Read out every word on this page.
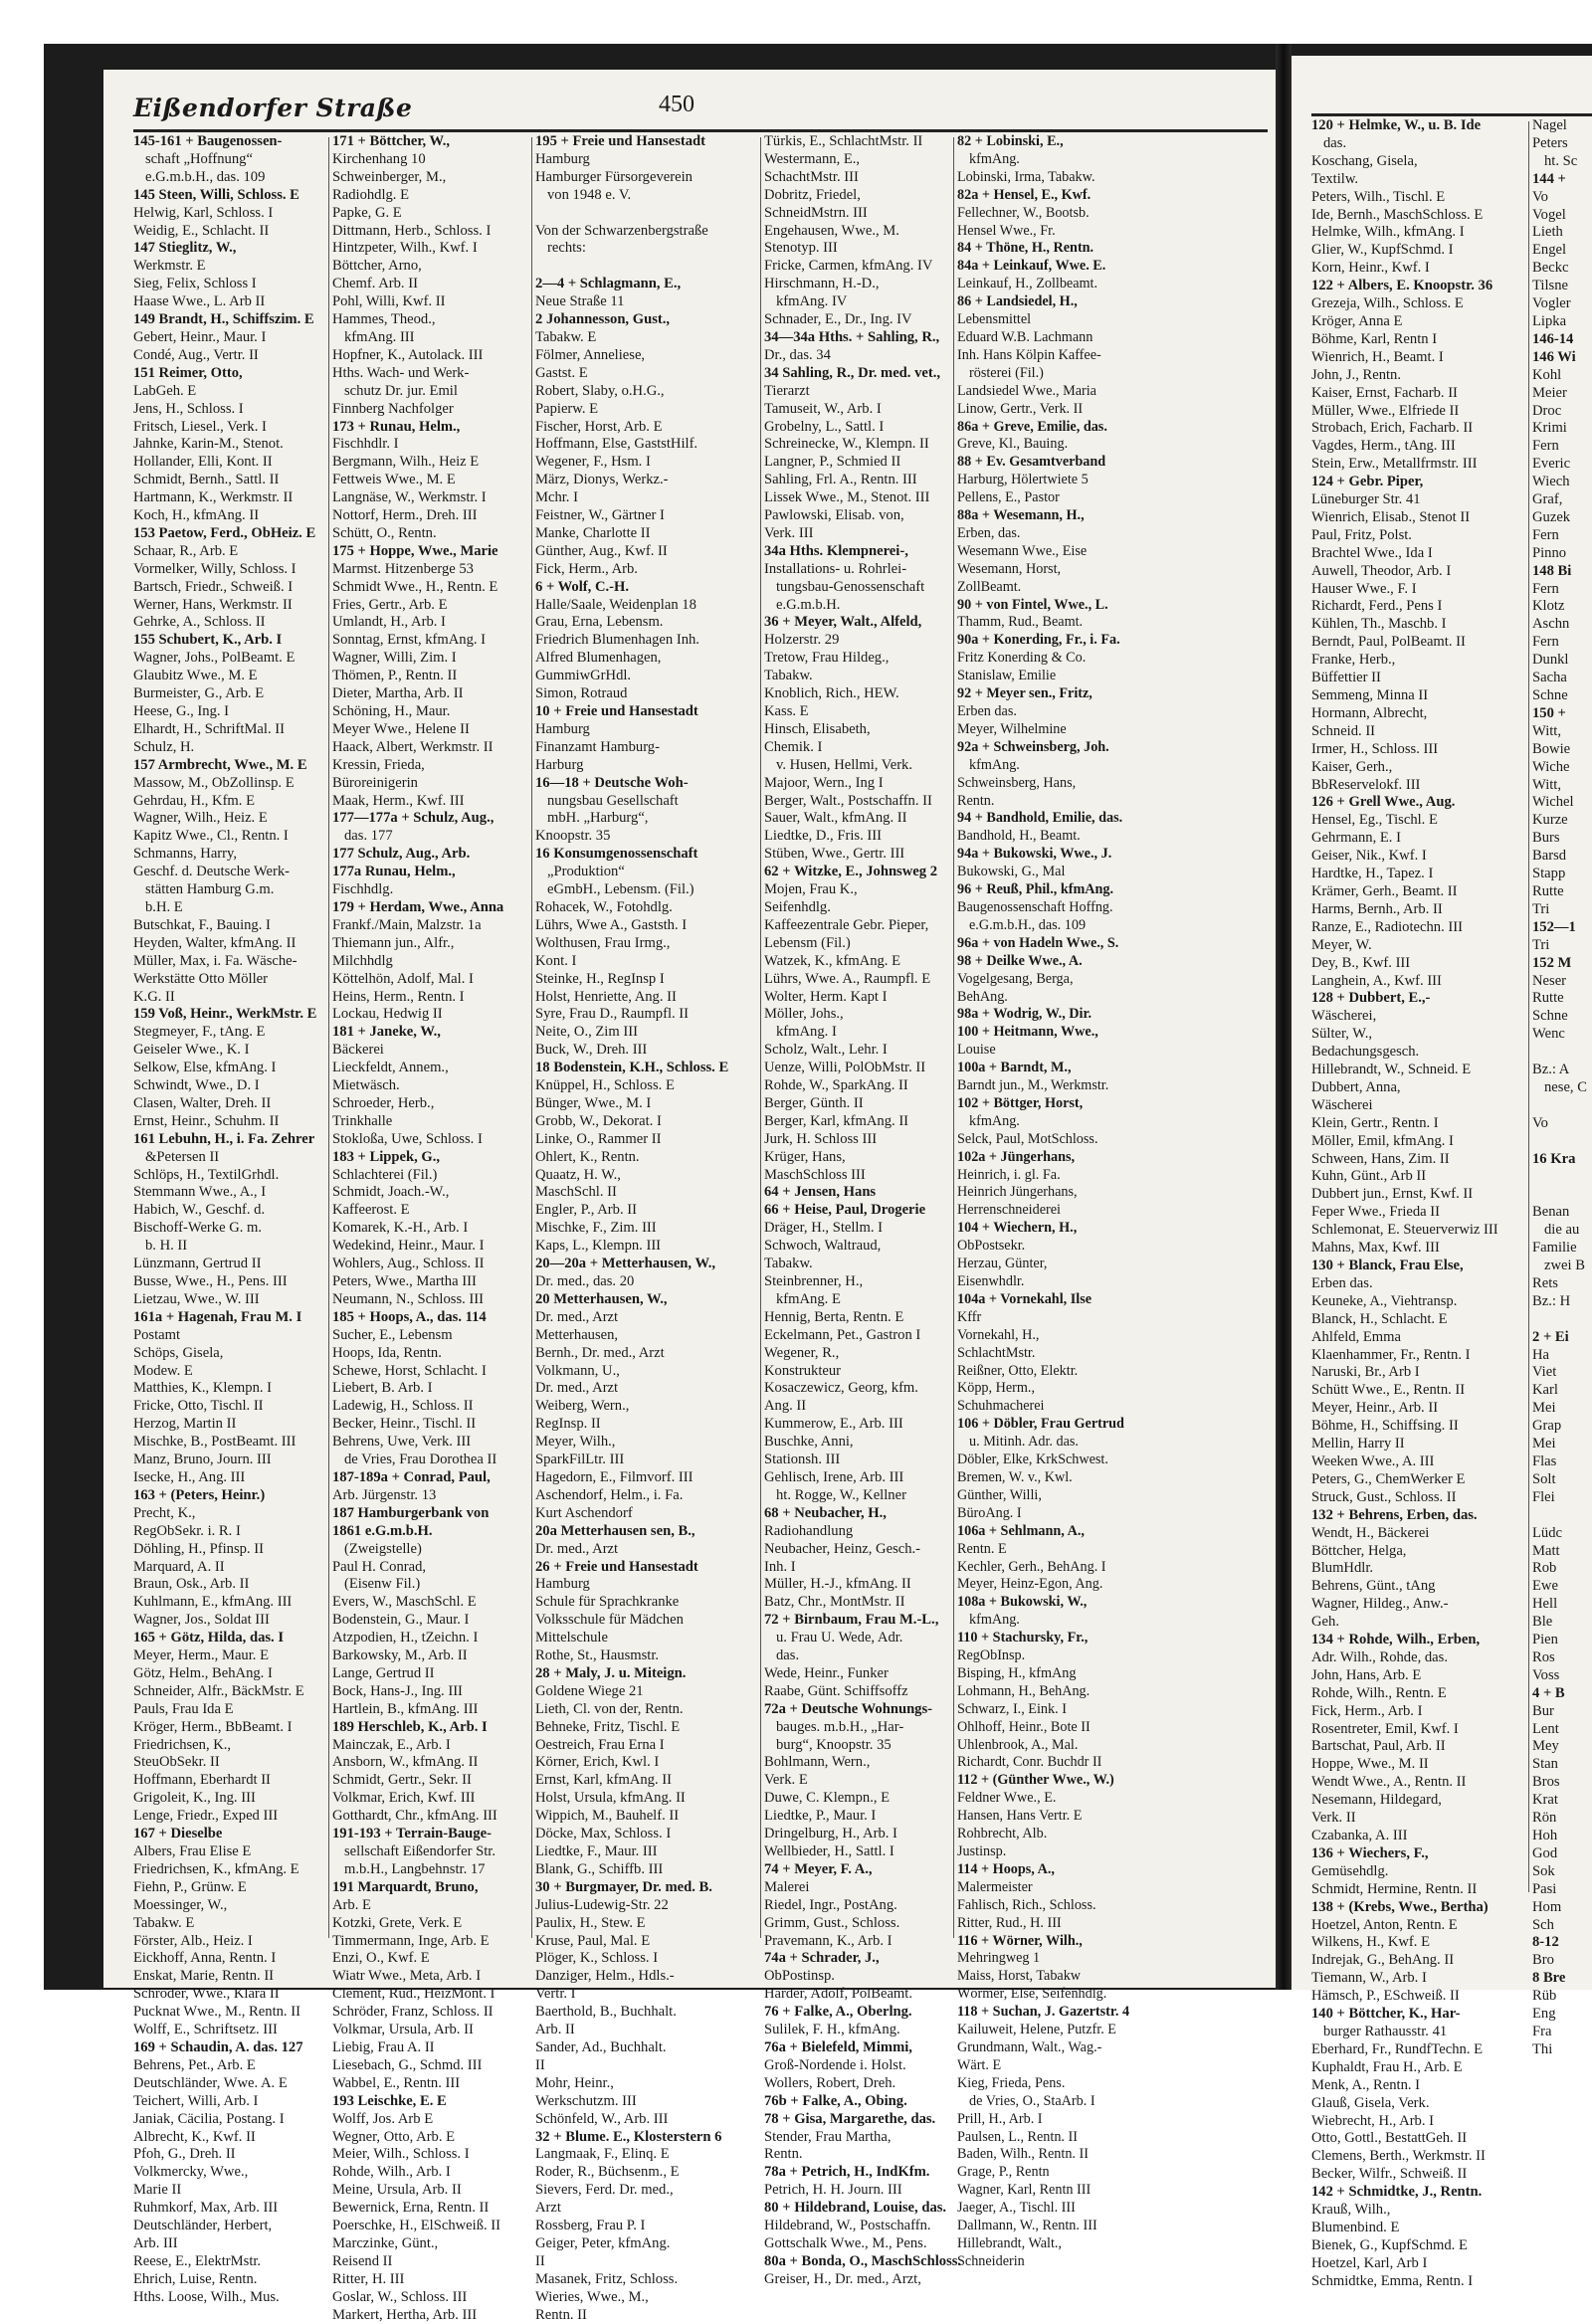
Eißendorfer Straße	450
145-161 + Baugenossen-
schaft „Hoffnung“
e.G.m.b.H., das. 109
145 Steen, Willi, Schloss. E
Helwig, Karl, Schloss. I
Weidig, E., Schlacht. II
147 Stieglitz, W.,
Werkmstr. E
Sieg, Felix, Schloss I
Haase Wwe., L. Arb II
149 Brandt, H., Schiffszim. E
Gebert, Heinr., Maur. I
Condé, Aug., Vertr. II
151 Reimer, Otto,
LabGeh. E
Jens, H., Schloss. I
Fritsch, Liesel., Verk. I
Jahnke, Karin-M., Stenot.
Hollander, Elli, Kont. II
Schmidt, Bernh., Sattl. II
Hartmann, K., Werkmstr. II
Koch, H., kfmAng. II
153 Paetow, Ferd., ObHeiz. E
Schaar, R., Arb. E
Vormelker, Willy, Schloss. I
Bartsch, Friedr., Schweiß. I
Werner, Hans, Werkmstr. II
Gehrke, A., Schloss. II
155 Schubert, K., Arb. I
Wagner, Johs., PolBeamt. E
Glaubitz Wwe., M. E
Burmeister, G., Arb. E
Heese, G., Ing. I
Elhardt, H., SchriftMal. II
Schulz, H.
157 Armbrecht, Wwe., M. E
Massow, M., ObZollinsp. E
Gehrdau, H., Kfm. E
Wagner, Wilh., Heiz. E
Kapitz Wwe., Cl., Rentn. I
Schmanns, Harry,
Geschf. d. Deutsche Werk-
stätten Hamburg G.m.
b.H. E
Butschkat, F., Bauing. I
Heyden, Walter, kfmAng. II
Müller, Max, i. Fa. Wäsche-
Werkstätte Otto Möller
K.G. II
159 Voß, Heinr., WerkMstr. E
Stegmeyer, F., tAng. E
Geiseler Wwe., K. I
Selkow, Else, kfmAng. I
Schwindt, Wwe., D. I
Clasen, Walter, Dreh. II
Ernst, Heinr., Schuhm. II
161 Lebuhn, H., i. Fa. Zehrer
&Petersen II
Schlöps, H., TextilGrhdl.
Stemmann Wwe., A., I
Habich, W., Geschf. d.
Bischoff-Werke G. m.
b. H. II
Lünzmann, Gertrud II
Busse, Wwe., H., Pens. III
Lietzau, Wwe., W. III
161a + Hagenah, Frau M. I
Postamt
Schöps, Gisela,
Modew. E
Matthies, K., Klempn. I
Fricke, Otto, Tischl. II
Herzog, Martin II
Mischke, B., PostBeamt. III
Manz, Bruno, Journ. III
Isecke, H., Ang. III
163 + (Peters, Heinr.)
Precht, K.,
RegObSekr. i. R. I
Döhling, H., Pfinsp. II
Marquard, A. II
Braun, Osk., Arb. II
Kuhlmann, E., kfmAng. III
Wagner, Jos., Soldat III
165 + Götz, Hilda, das. I
Meyer, Herm., Maur. E
Götz, Helm., BehAng. I
Schneider, Alfr., BäckMstr. E
Pauls, Frau Ida E
Kröger, Herm., BbBeamt. I
Friedrichsen, K.,
SteuObSekr. II
Hoffmann, Eberhardt II
Grigoleit, K., Ing. III
Lenge, Friedr., Exped III
167 + Dieselbe
Albers, Frau Elise E
Friedrichsen, K., kfmAng. E
Fiehn, P., Grünw. E
Moessinger, W.,
Tabakw. E
Förster, Alb., Heiz. I
Eickhoff, Anna, Rentn. I
Enskat, Marie, Rentn. II
Schröder, Wwe., Klara II
Pucknat Wwe., M., Rentn. II
Wolff, E., Schriftsetz. III
169 + Schaudin, A. das. 127
Behrens, Pet., Arb. E
Deutschländer, Wwe. A. E
Teichert, Willi, Arb. I
Janiak, Cäcilia, Postang. I
Albrecht, K., Kwf. II
Pfoh, G., Dreh. II
Volkmercky, Wwe.,
Marie II
Ruhmkorf, Max, Arb. III
Deutschländer, Herbert,
Arb. III
Reese, E., ElektrMstr.
Ehrich, Luise, Rentn.
Hths. Loose, Wilh., Mus.
171 + Böttcher, W.,
Kirchenhang 10
Schweinberger, M.,
Radiohdlg. E
Papke, G. E
Dittmann, Herb., Schloss. I
Hintzpeter, Wilh., Kwf. I
Böttcher, Arno,
Chemf. Arb. II
Pohl, Willi, Kwf. II
Hammes, Theod.,
kfmAng. III
Hopfner, K., Autolack. III
Hths. Wach- und Werk-
schutz Dr. jur. Emil
Finnberg Nachfolger
173 + Runau, Helm.,
Fischhdlr. I
Bergmann, Wilh., Heiz E
Fettweis Wwe., M. E
Langnäse, W., Werkmstr. I
Nottorf, Herm., Dreh. III
Schütt, O., Rentn.
175 + Hoppe, Wwe., Marie
Marmst. Hitzenberge 53
Schmidt Wwe., H., Rentn. E
Fries, Gertr., Arb. E
Umlandt, H., Arb. I
Sonntag, Ernst, kfmAng. I
Wagner, Willi, Zim. I
Thömen, P., Rentn. II
Dieter, Martha, Arb. II
Schöning, H., Maur.
Meyer Wwe., Helene II
Haack, Albert, Werkmstr. II
Kressin, Frieda,
Büroreinigerin
Maak, Herm., Kwf. III
177—177a + Schulz, Aug.,
das. 177
177 Schulz, Aug., Arb.
177a Runau, Helm.,
Fischhdlg.
179 + Herdam, Wwe., Anna
Frankf./Main, Malzstr. 1a
Thiemann jun., Alfr.,
Milchhdlg
Köttelhön, Adolf, Mal. I
Heins, Herm., Rentn. I
Lockau, Hedwig II
181 + Janeke, W.,
Bäckerei
Lieckfeldt, Annem.,
Mietwäsch.
Schroeder, Herb.,
Trinkhalle
Stokloßa, Uwe, Schloss. I
183 + Lippek, G.,
Schlachterei (Fil.)
Schmidt, Joach.-W.,
Kaffeerost. E
Komarek, K.-H., Arb. I
Wedekind, Heinr., Maur. I
Wohlers, Aug., Schloss. II
Peters, Wwe., Martha III
Neumann, N., Schloss. III
185 + Hoops, A., das. 114
Sucher, E., Lebensm
Hoops, Ida, Rentn.
Schewe, Horst, Schlacht. I
Liebert, B. Arb. I
Ladewig, H., Schloss. II
Becker, Heinr., Tischl. II
Behrens, Uwe, Verk. III
de Vries, Frau Dorothea II
187-189a + Conrad, Paul,
Arb. Jürgenstr. 13
187 Hamburgerbank von
1861 e.G.m.b.H.
(Zweigstelle)
Paul H. Conrad,
(Eisenw Fil.)
Evers, W., MaschSchl. E
Bodenstein, G., Maur. I
Atzpodien, H., tZeichn. I
Barkowsky, M., Arb. II
Lange, Gertrud II
Bock, Hans-J., Ing. III
Hartlein, B., kfmAng. III
189 Herschleb, K., Arb. I
Mainczak, E., Arb. I
Ansborn, W., kfmAng. II
Schmidt, Gertr., Sekr. II
Volkmar, Erich, Kwf. III
Gotthardt, Chr., kfmAng. III
191-193 + Terrain-Bauge-
sellschaft Eißendorfer Str.
m.b.H., Langbehnstr. 17
191 Marquardt, Bruno,
Arb. E
Kotzki, Grete, Verk. E
Timmermann, Inge, Arb. E
Enzi, O., Kwf. E
Wiatr Wwe., Meta, Arb. I
Clement, Rud., HeizMont. I
Schröder, Franz, Schloss. II
Volkmar, Ursula, Arb. II
Liebig, Frau A. II
Liesebach, G., Schmd. III
Wabbel, E., Rentn. III
193 Leischke, E. E
Wolff, Jos. Arb E
Wegner, Otto, Arb. E
Meier, Wilh., Schloss. I
Rohde, Wilh., Arb. I
Meine, Ursula, Arb. II
Bewernick, Erna, Rentn. II
Poerschke, H., ElSchweiß. II
Marczinke, Günt.,
Reisend II
Ritter, H. III
Goslar, W., Schloss. III
Markert, Hertha, Arb. III
195 + Freie und Hansestadt
Hamburg
Hamburger Fürsorgeverein
von 1948 e. V.

Von der Schwarzenbergstraße
rechts:

2—4 + Schlagmann, E.,
Neue Straße 11
2 Johannesson, Gust.,
Tabakw. E
Fölmer, Anneliese,
Gastst. E
Robert, Slaby, o.H.G.,
Papierw. E
Fischer, Horst, Arb. E
Hoffmann, Else, GaststHilf.
Wegener, F., Hsm. I
März, Dionys, Werkz.-
Mchr. I
Feistner, W., Gärtner I
Manke, Charlotte II
Günther, Aug., Kwf. II
Fick, Herm., Arb.
6 + Wolf, C.-H.
Halle/Saale, Weidenplan 18
Grau, Erna, Lebensm.
Friedrich Blumenhagen Inh.
Alfred Blumenhagen,
GummiwGrHdl.
Simon, Rotraud
10 + Freie und Hansestadt
Hamburg
Finanzamt Hamburg-
Harburg
16—18 + Deutsche Woh-
nungsbau Gesellschaft
mbH. „Harburg“,
Knoopstr. 35
16 Konsumgenossenschaft
„Produktion“
eGmbH., Lebensm. (Fil.)
Rohacek, W., Fotohdlg.
Lührs, Wwe A., Gaststh. I
Wolthusen, Frau Irmg.,
Kont. I
Steinke, H., RegInsp I
Holst, Henriette, Ang. II
Syre, Frau D., Raumpfl. II
Neite, O., Zim III
Buck, W., Dreh. III
18 Bodenstein, K.H., Schloss. E
Knüppel, H., Schloss. E
Bünger, Wwe., M. I
Grobb, W., Dekorat. I
Linke, O., Rammer II
Ohlert, K., Rentn.
Quaatz, H. W.,
MaschSchl. II
Engler, P., Arb. II
Mischke, F., Zim. III
Kaps, L., Klempn. III
20—20a + Metterhausen, W.,
Dr. med., das. 20
20 Metterhausen, W.,
Dr. med., Arzt
Metterhausen,
Bernh., Dr. med., Arzt
Volkmann, U.,
Dr. med., Arzt
Weiberg, Wern.,
RegInsp. II
Meyer, Wilh.,
SparkFilLtr. III
Hagedorn, E., Filmvorf. III
Aschendorf, Helm., i. Fa.
Kurt Aschendorf
20a Metterhausen sen, B.,
Dr. med., Arzt
26 + Freie und Hansestadt
Hamburg
Schule für Sprachkranke
Volksschule für Mädchen
Mittelschule
Rothe, St., Hausmstr.
28 + Maly, J. u. Miteign.
Goldene Wiege 21
Lieth, Cl. von der, Rentn.
Behneke, Fritz, Tischl. E
Oestreich, Frau Erna I
Körner, Erich, Kwl. I
Ernst, Karl, kfmAng. II
Holst, Ursula, kfmAng. II
Wippich, M., Bauhelf. II
Döcke, Max, Schloss. I
Liedtke, F., Maur. III
Blank, G., Schiffb. III
30 + Burgmayer, Dr. med. B.
Julius-Ludewig-Str. 22
Paulix, H., Stew. E
Kruse, Paul, Mal. E
Plöger, K., Schloss. I
Danziger, Helm., Hdls.-
Vertr. I
Baerthold, B., Buchhalt.
Arb. II
Sander, Ad., Buchhalt.
II
Mohr, Heinr.,
Werkschutzm. III
Schönfeld, W., Arb. III
32 + Blume. E., Klosterstern 6
Langmaak, F., Elinq. E
Roder, R., Büchsenm., E
Sievers, Ferd. Dr. med.,
Arzt
Rossberg, Frau P. I
Geiger, Peter, kfmAng.
II
Masanek, Fritz, Schloss.
Wieries, Wwe., M.,
Rentn. II
Türkis, E., SchlachtMstr. II
Westermann, E.,
SchachtMstr. III
Dobritz, Friedel,
SchneidMstrn. III
Engehausen, Wwe., M.
Stenotyp. III
Fricke, Carmen, kfmAng. IV
Hirschmann, H.-D.,
kfmAng. IV
Schnader, E., Dr., Ing. IV
34—34a Hths. + Sahling, R.,
Dr., das. 34
34 Sahling, R., Dr. med. vet.,
Tierarzt
Tamuseit, W., Arb. I
Grobelny, L., Sattl. I
Schreinecke, W., Klempn. II
Langner, P., Schmied II
Sahling, Frl. A., Rentn. III
Lissek Wwe., M., Stenot. III
Pawlowski, Elisab. von,
Verk. III
34a Hths. Klempnerei-,
Installations- u. Rohrlei-
tungsbau-Genossenschaft
e.G.m.b.H.
36 + Meyer, Walt., Alfeld,
Holzerstr. 29
Tretow, Frau Hildeg.,
Tabakw.
Knoblich, Rich., HEW.
Kass. E
Hinsch, Elisabeth,
Chemik. I
v. Husen, Hellmi, Verk.
Majoor, Wern., Ing I
Berger, Walt., Postschaffn. II
Sauer, Walt., kfmAng. II
Liedtke, D., Fris. III
Stüben, Wwe., Gertr. III
62 + Witzke, E., Johnsweg 2
Mojen, Frau K.,
Seifenhdlg.
Kaffeezentrale Gebr. Pieper,
Lebensm (Fil.)
Watzek, K., kfmAng. E
Lührs, Wwe. A., Raumpfl. E
Wolter, Herm. Kapt I
Möller, Johs.,
kfmAng. I
Scholz, Walt., Lehr. I
Uenze, Willi, PolObMstr. II
Rohde, W., SparkAng. II
Berger, Günth. II
Berger, Karl, kfmAng. II
Jurk, H. Schloss III
Krüger, Hans,
MaschSchloss III
64 + Jensen, Hans
66 + Heise, Paul, Drogerie
Dräger, H., Stellm. I
Schwoch, Waltraud,
Tabakw.
Steinbrenner, H.,
kfmAng. E
Hennig, Berta, Rentn. E
Eckelmann, Pet., Gastron I
Wegener, R.,
Konstrukteur
Kosaczewicz, Georg, kfm.
Ang. II
Kummerow, E., Arb. III
Buschke, Anni,
Stationsh. III
Gehlisch, Irene, Arb. III
ht. Rogge, W., Kellner
68 + Neubacher, H.,
Radiohandlung
Neubacher, Heinz, Gesch.-
Inh. I
Müller, H.-J., kfmAng. II
Batz, Chr., MontMstr. II
72 + Birnbaum, Frau M.-L.,
u. Frau U. Wede, Adr.
das.
Wede, Heinr., Funker
Raabe, Günt. Schiffsoffz
72a + Deutsche Wohnungs-
bauges. m.b.H., „Har-
burg“, Knoopstr. 35
Bohlmann, Wern.,
Verk. E
Duwe, C. Klempn., E
Liedtke, P., Maur. I
Dringelburg, H., Arb. I
Wellbieder, H., Sattl. I
74 + Meyer, F. A.,
Malerei
Riedel, Ingr., PostAng.
Grimm, Gust., Schloss.
Pravemann, K., Arb. I
74a + Schrader, J.,
ObPostinsp.
Harder, Adolf, PolBeamt.
76 + Falke, A., Oberlng.
Sulilek, F. H., kfmAng.
76a + Bielefeld, Mimmi,
Groß-Nordende i. Holst.
Wollers, Robert, Dreh.
76b + Falke, A., Obing.
78 + Gisa, Margarethe, das.
Stender, Frau Martha,
Rentn.
78a + Petrich, H., IndKfm.
Petrich, H. H. Journ. III
80 + Hildebrand, Louise, das.
Hildebrand, W., Postschaffn.
Gottschalk Wwe., M., Pens.
80a + Bonda, O., MaschSchloss.
Greiser, H., Dr. med., Arzt,
82 + Lobinski, E.,
kfmAng.
Lobinski, Irma, Tabakw.
82a + Hensel, E., Kwf.
Fellechner, W., Bootsb.
Hensel Wwe., Fr.
84 + Thöne, H., Rentn.
84a + Leinkauf, Wwe. E.
Leinkauf, H., Zollbeamt.
86 + Landsiedel, H.,
Lebensmittel
Eduard W.B. Lachmann
Inh. Hans Kölpin Kaffee-
rösterei (Fil.)
Landsiedel Wwe., Maria
Linow, Gertr., Verk. II
86a + Greve, Emilie, das.
Greve, Kl., Bauing.
88 + Ev. Gesamtverband
Harburg, Hölertwiete 5
Pellens, E., Pastor
88a + Wesemann, H.,
Erben, das.
Wesemann Wwe., Eise
Wesemann, Horst,
ZollBeamt.
90 + von Fintel, Wwe., L.
Thamm, Rud., Beamt.
90a + Konerding, Fr., i. Fa.
Fritz Konerding & Co.
Stanislaw, Emilie
92 + Meyer sen., Fritz,
Erben das.
Meyer, Wilhelmine
92a + Schweinsberg, Joh.
kfmAng.
Schweinsberg, Hans,
Rentn.
94 + Bandhold, Emilie, das.
Bandhold, H., Beamt.
94a + Bukowski, Wwe., J.
Bukowski, G., Mal
96 + Reuß, Phil., kfmAng.
Baugenossenschaft Hoffng.
e.G.m.b.H., das. 109
96a + von Hadeln Wwe., S.
98 + Deilke Wwe., A.
Vogelgesang, Berga,
BehAng.
98a + Wodrig, W., Dir.
100 + Heitmann, Wwe.,
Louise
100a + Barndt, M.,
Barndt jun., M., Werkmstr.
102 + Böttger, Horst,
kfmAng.
Selck, Paul, MotSchloss.
102a + Jüngerhans,
Heinrich, i. gl. Fa.
Heinrich Jüngerhans,
Herrenschneiderei
104 + Wiechern, H.,
ObPostsekr.
Herzau, Günter,
Eisenwhdlr.
104a + Vornekahl, Ilse
Kffr
Vornekahl, H.,
SchlachtMstr.
Reißner, Otto, Elektr.
Köpp, Herm.,
Schuhmacherei
106 + Döbler, Frau Gertrud
u. Mitinh. Adr. das.
Döbler, Elke, KrkSchwest.
Bremen, W. v., Kwl.
Günther, Willi,
BüroAng. I
106a + Sehlmann, A.,
Rentn. E
Kechler, Gerh., BehAng. I
Meyer, Heinz-Egon, Ang.
108a + Bukowski, W.,
kfmAng.
110 + Stachursky, Fr.,
RegObInsp.
Bisping, H., kfmAng
Lohmann, H., BehAng.
Schwarz, I., Eink. I
Ohlhoff, Heinr., Bote II
Uhlenbrook, A., Mal.
Richardt, Conr. Buchdr II
112 + (Günther Wwe., W.)
Feldner Wwe., E.
Hansen, Hans Vertr. E
Rohbrecht, Alb.
Justinsp.
114 + Hoops, A.,
Malermeister
Fahlisch, Rich., Schloss.
Ritter, Rud., H. III
116 + Wörner, Wilh.,
Mehringweg 1
Maiss, Horst, Tabakw
Wörmer, Else, Seifenhdlg.
118 + Suchan, J. Gazertstr. 4
Kailuweit, Helene, Putzfr. E
Grundmann, Walt., Wag.-
Wärt. E
Kieg, Frieda, Pens.
de Vries, O., StaArb. I
Prill, H., Arb. I
Paulsen, L., Rentn. II
Baden, Wilh., Rentn. II
Grage, P., Rentn
Wagner, Karl, Rentn III
Jaeger, A., Tischl. III
Dallmann, W., Rentn. III
Hillebrandt, Walt.,
Schneiderin
120 + Helmke, W., u. B. Ide
das.
Koschang, Gisela,
Textilw.
Peters, Wilh., Tischl. E
Ide, Bernh., MaschSchloss. E
Helmke, Wilh., kfmAng. I
Glier, W., KupfSchmd. I
Korn, Heinr., Kwf. I
122 + Albers, E. Knoopstr. 36
Grezeja, Wilh., Schloss. E
Kröger, Anna E
Böhme, Karl, Rentn I
Wienrich, H., Beamt. I
John, J., Rentn.
Kaiser, Ernst, Facharb. II
Müller, Wwe., Elfriede II
Strobach, Erich, Facharb. II
Vagdes, Herm., tAng. III
Stein, Erw., Metallfrmstr. III
124 + Gebr. Piper,
Lüneburger Str. 41
Wienrich, Elisab., Stenot II
Paul, Fritz, Polst.
Brachtel Wwe., Ida I
Auwell, Theodor, Arb. I
Hauser Wwe., F. I
Richardt, Ferd., Pens I
Kühlen, Th., Maschb. I
Berndt, Paul, PolBeamt. II
Franke, Herb.,
Büffettier II
Semmeng, Minna II
Hormann, Albrecht,
Schneid. II
Irmer, H., Schloss. III
Kaiser, Gerh.,
BbReservelokf. III
126 + Grell Wwe., Aug.
Hensel, Eg., Tischl. E
Gehrmann, E. I
Geiser, Nik., Kwf. I
Hardtke, H., Tapez. I
Krämer, Gerh., Beamt. II
Harms, Bernh., Arb. II
Ranze, E., Radiotechn. III
Meyer, W.
Dey, B., Kwf. III
Langhein, A., Kwf. III
128 + Dubbert, E.,-
Wäscherei,
Sülter, W.,
Bedachungsgesch.
Hillebrandt, W., Schneid. E
Dubbert, Anna,
Wäscherei
Klein, Gertr., Rentn. I
Möller, Emil, kfmAng. I
Schween, Hans, Zim. II
Kuhn, Günt., Arb II
Dubbert jun., Ernst, Kwf. II
Feper Wwe., Frieda II
Schlemonat, E. Steuerverwiz III
Mahns, Max, Kwf. III
130 + Blanck, Frau Else,
Erben das.
Keuneke, A., Viehtransp.
Blanck, H., Schlacht. E
Ahlfeld, Emma
Klaenhammer, Fr., Rentn. I
Naruski, Br., Arb I
Schütt Wwe., E., Rentn. II
Meyer, Heinr., Arb. II
Böhme, H., Schiffsing. II
Mellin, Harry II
Weeken Wwe., A. III
Peters, G., ChemWerker E
Struck, Gust., Schloss. II
132 + Behrens, Erben, das.
Wendt, H., Bäckerei
Böttcher, Helga,
BlumHdlr.
Behrens, Günt., tAng
Wagner, Hildeg., Anw.-
Geh.
134 + Rohde, Wilh., Erben,
Adr. Wilh., Rohde, das.
John, Hans, Arb. E
Rohde, Wilh., Rentn. E
Fick, Herm., Arb. I
Rosentreter, Emil, Kwf. I
Bartschat, Paul, Arb. II
Hoppe, Wwe., M. II
Wendt Wwe., A., Rentn. II
Nesemann, Hildegard,
Verk. II
Czabanka, A. III
136 + Wiechers, F.,
Gemüsehdlg.
Schmidt, Hermine, Rentn. II
138 + (Krebs, Wwe., Bertha)
Hoetzel, Anton, Rentn. E
Wilkens, H., Kwf. E
Indrejak, G., BehAng. II
Tiemann, W., Arb. I
Hämsch, P., ESchweiß. II
140 + Böttcher, K., Har-
burger Rathausstr. 41
Eberhard, Fr., RundfTechn. E
Kuphaldt, Frau H., Arb. E
Menk, A., Rentn. I
Glauß, Gisela, Verk.
Wiebrecht, H., Arb. I
Otto, Gottl., BestattGeh. II
Clemens, Berth., Werkmstr. II
Becker, Wilfr., Schweiß. II
142 + Schmidtke, J., Rentn.
Krauß, Wilh.,
Blumenbind. E
Bienek, G., KupfSchmd. E
Hoetzel, Karl, Arb I
Schmidtke, Emma, Rentn. I
Nagel
Peters
ht. Sc
144 +
Vo
Vogel
Lieth
Engel
Beckc
Tilsne
Vogler
Lipka
146-14
146 Wi
Kohl
Meier
Droc
Krimi
Fern
Everic
Wiech
Graf,
Guzek
Fern
Pinno
148 Bi
Fern
Klotz
Aschn
Fern
Dunkl
Sacha
Schne
150 +
Witt,
Bowie
Wiche
Witt,
Wichel
Kurze
Burs
Barsd
Stapp
Rutte
Tri
152—1
Tri
152 M
Neser
Rutte
Schne
Wenc

Bz.: A
nese, C

Vo

16 Kra

Benan
die au
Familie
zwei B
Rets
Bz.: H

2 + Ei
Ha
Viet
Karl
Mei
Grap
Mei
Flas
Solt
Flei

Lüdc
Matt
Rob
Ewe
Hell
Ble
Pien
Ros
Voss
4 + B
Bur
Lent
Mey
Stan
Bros
Krat
Rön
Hoh
God
Sok
Pasi
Hom
Sch
8-12
Bro
8 Bre
Rüb
Eng
Fra
Thi
